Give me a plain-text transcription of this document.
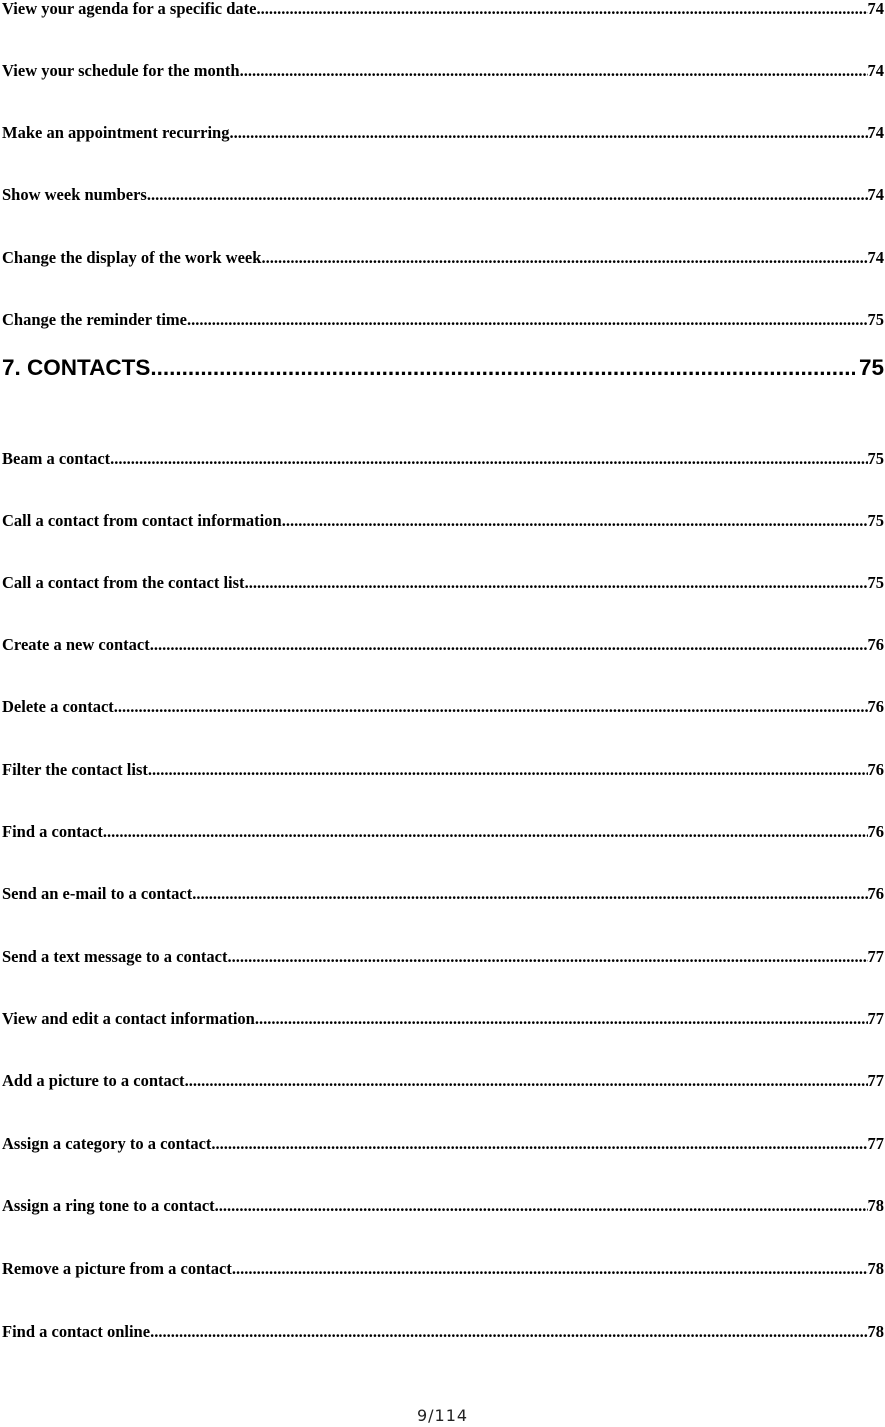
View your agenda for a specific date .....	74
View your schedule for the month .....	74
Make an appointment recurring .....	74
Show week numbers .....	74
Change the display of the work week .....	74
Change the reminder time .....	75
7. CONTACTS .....	75
Beam a contact .....	75
Call a contact from contact information .....	75
Call a contact from the contact list .....	75
Create a new contact .....	76
Delete a contact .....	76
Filter the contact list .....	76
Find a contact .....	76
Send an e-mail to a contact .....	76
Send a text message to a contact .....	77
View and edit a contact information .....	77
Add a picture to a contact .....	77
Assign a category to a contact .....	77
Assign a ring tone to a contact .....	78
Remove a picture from a contact .....	78
Find a contact online .....	78
9/114
